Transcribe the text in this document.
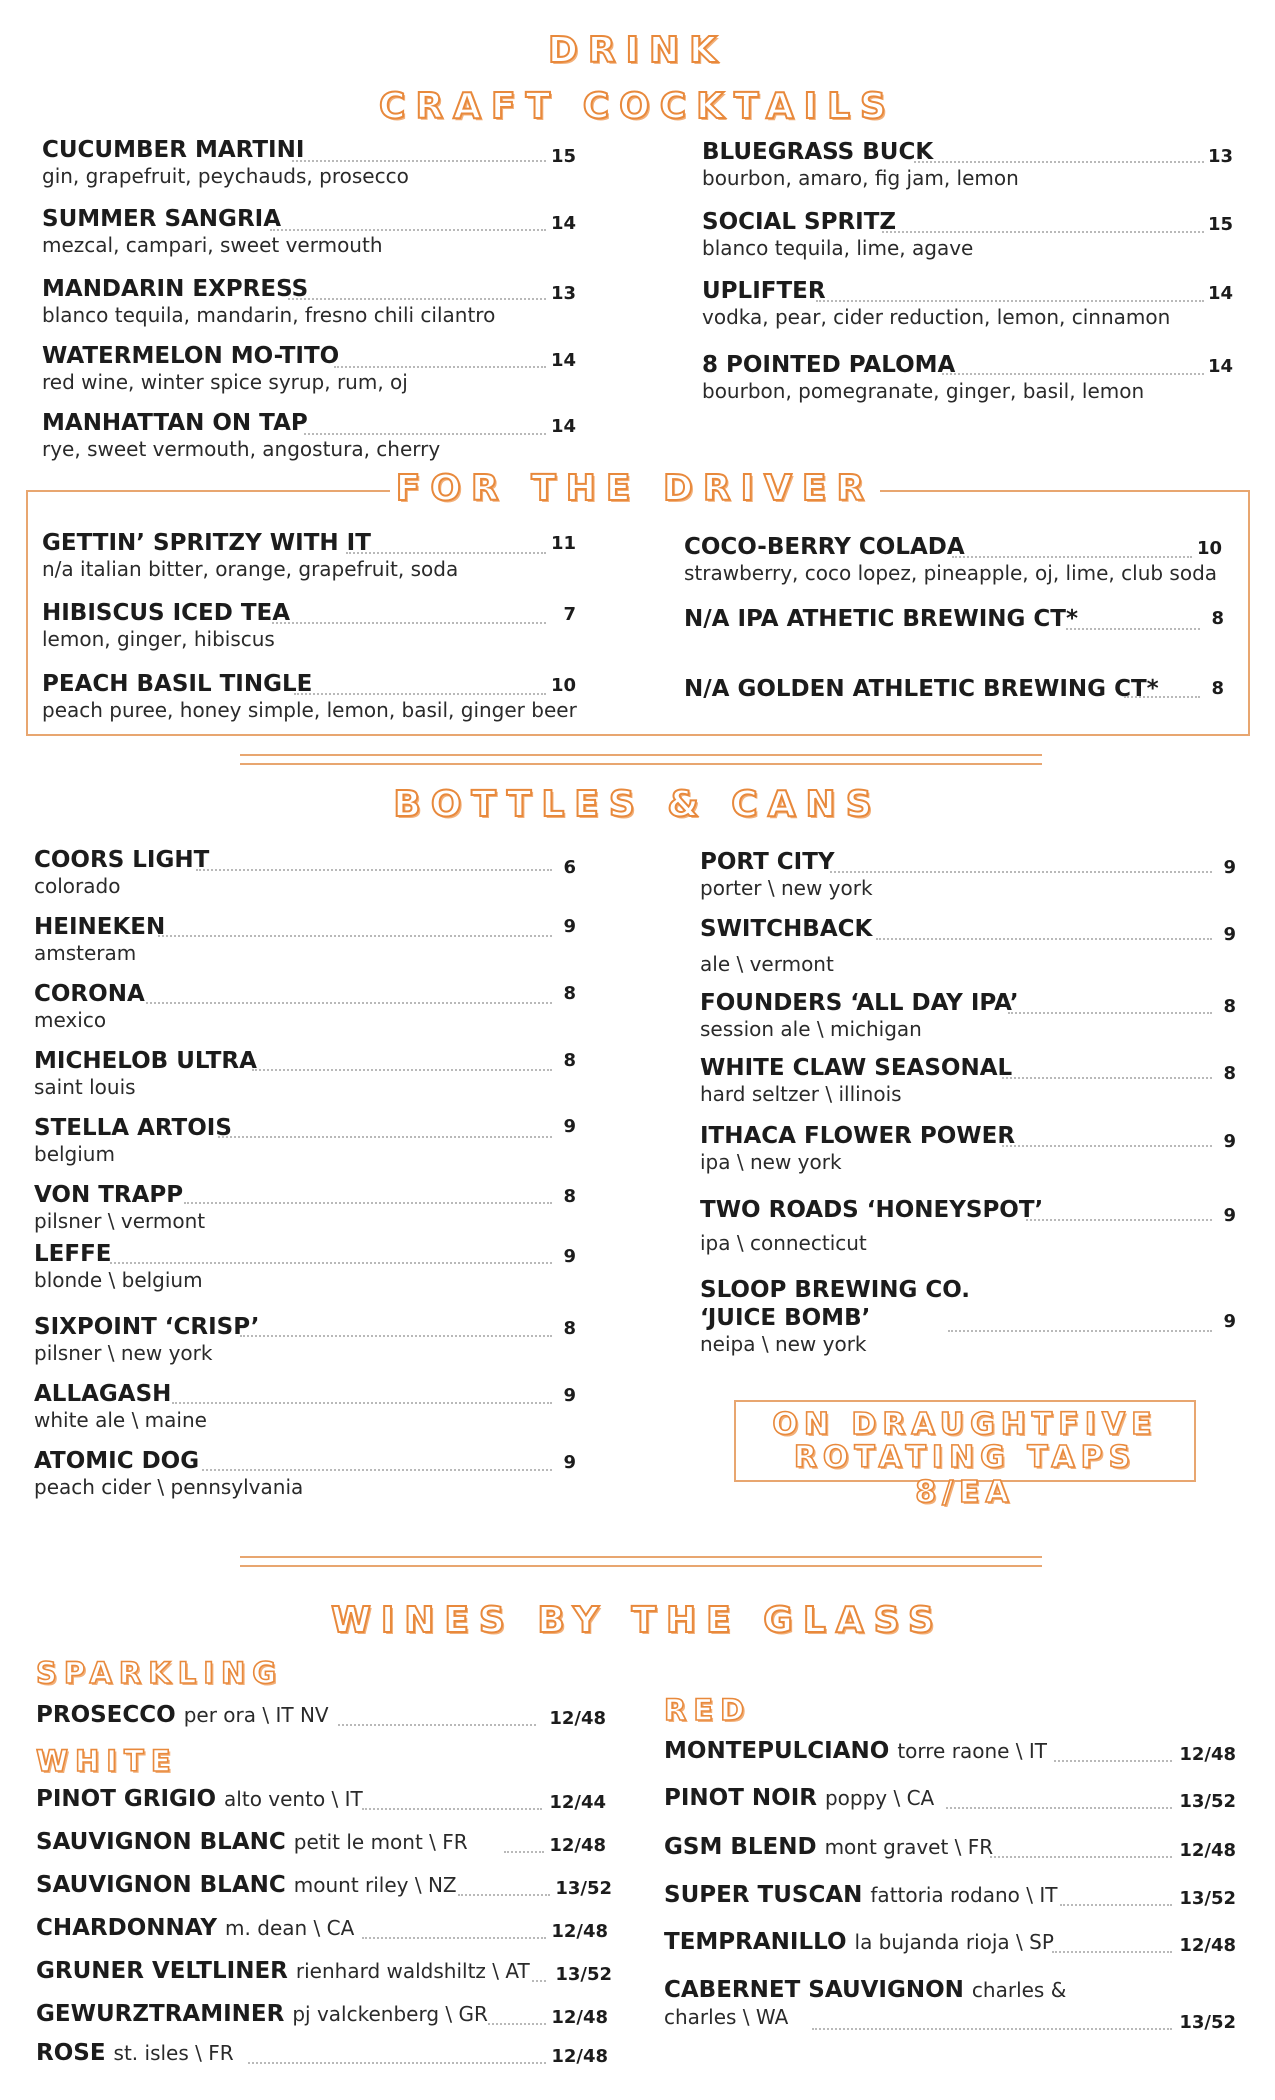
DRINK
CRAFT COCKTAILS
CUCUMBER MARTINI
gin, grapefruit, peychauds, prosecco
15
SUMMER SANGRIA
mezcal, campari, sweet vermouth
14
MANDARIN EXPRESS
blanco tequila, mandarin, fresno chili cilantro
13
WATERMELON MO-TITO
red wine, winter spice syrup, rum, oj
14
MANHATTAN ON TAP
rye, sweet vermouth, angostura, cherry
14
BLUEGRASS BUCK
bourbon, amaro, fig jam, lemon
13
SOCIAL SPRITZ
blanco tequila, lime, agave
15
UPLIFTER
vodka, pear, cider reduction, lemon, cinnamon
14
8 POINTED PALOMA
bourbon, pomegranate, ginger, basil, lemon
14
FOR THE DRIVER
GETTIN’ SPRITZY WITH IT
n/a italian bitter, orange, grapefruit, soda
11
HIBISCUS ICED TEA
lemon, ginger, hibiscus
7
PEACH BASIL TINGLE
peach puree, honey simple, lemon, basil, ginger beer
10
COCO-BERRY COLADA
strawberry, coco lopez, pineapple, oj, lime, club soda
10
N/A IPA ATHETIC BREWING CT*	8
N/A GOLDEN ATHLETIC BREWING CT*	8
BOTTLES & CANS
COORS LIGHT
colorado
6
HEINEKEN
amsteram
9
CORONA
mexico
8
MICHELOB ULTRA
saint louis
8
STELLA ARTOIS
belgium
9
VON TRAPP
pilsner \ vermont
8
LEFFE
blonde \ belgium
9
SIXPOINT ‘CRISP’
pilsner \ new york
8
ALLAGASH
white ale \ maine
9
ATOMIC DOG
peach cider \ pennsylvania
9
PORT CITY
porter \ new york
9
SWITCHBACK
ale \ vermont
9
FOUNDERS ‘ALL DAY IPA’
session ale \ michigan
8
WHITE CLAW SEASONAL
hard seltzer \ illinois
8
ITHACA FLOWER POWER
ipa \ new york
9
TWO ROADS ‘HONEYSPOT’
ipa \ connecticut
9
SLOOP BREWING CO.
‘JUICE BOMB’
neipa \ new york
9
ON DRAUGHTFIVE
ROTATING TAPS 8/EA
WINES BY THE GLASS
SPARKLING
PROSECCO per ora \ IT NV	12/48
WHITE
PINOT GRIGIO alto vento \ IT	12/44
SAUVIGNON BLANC petit le mont \ FR	12/48
SAUVIGNON BLANC mount riley \ NZ	13/52
CHARDONNAY m. dean \ CA	12/48
GRUNER VELTLINER rienhard waldshiltz \ AT 13/52
GEWURZTRAMINER pj valckenberg \ GR	12/48
ROSE st. isles \ FR	12/48
RED
MONTEPULCIANO torre raone \ IT	12/48
PINOT NOIR poppy \ CA	13/52
GSM BLEND mont gravet \ FR	12/48
SUPER TUSCAN fattoria rodano \ IT	13/52
TEMPRANILLO la bujanda rioja \ SP	12/48
CABERNET SAUVIGNON charles &
charles \ WA	13/52
